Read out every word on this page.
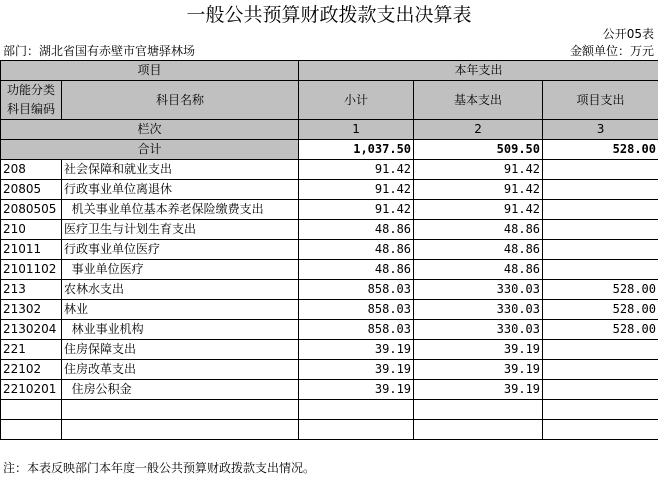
一般公共预算财政拨款支出决算表
公开05表
部门：湖北省国有赤壁市官塘驿林场	金额单位：万元
项目		本年支出		
功能分类
科目编码	科目名称	小计	基本支出	项目支出
栏次		1	2	3
合计		1,037.50	509.50	528.00
208	社会保障和就业支出	91.42	91.42	
20805	行政事业单位离退休	91.42	91.42	
2080505	机关事业单位基本养老保险缴费支出	91.42	91.42	
210	医疗卫生与计划生育支出	48.86	48.86	
21011	行政事业单位医疗	48.86	48.86	
2101102	事业单位医疗	48.86	48.86	
213	农林水支出	858.03	330.03	528.00
21302	林业	858.03	330.03	528.00
2130204	林业事业机构	858.03	330.03	528.00
221	住房保障支出	39.19	39.19	
22102	住房改革支出	39.19	39.19	
2210201	住房公积金	39.19	39.19	

注：本表反映部门本年度一般公共预算财政拨款支出情况。
